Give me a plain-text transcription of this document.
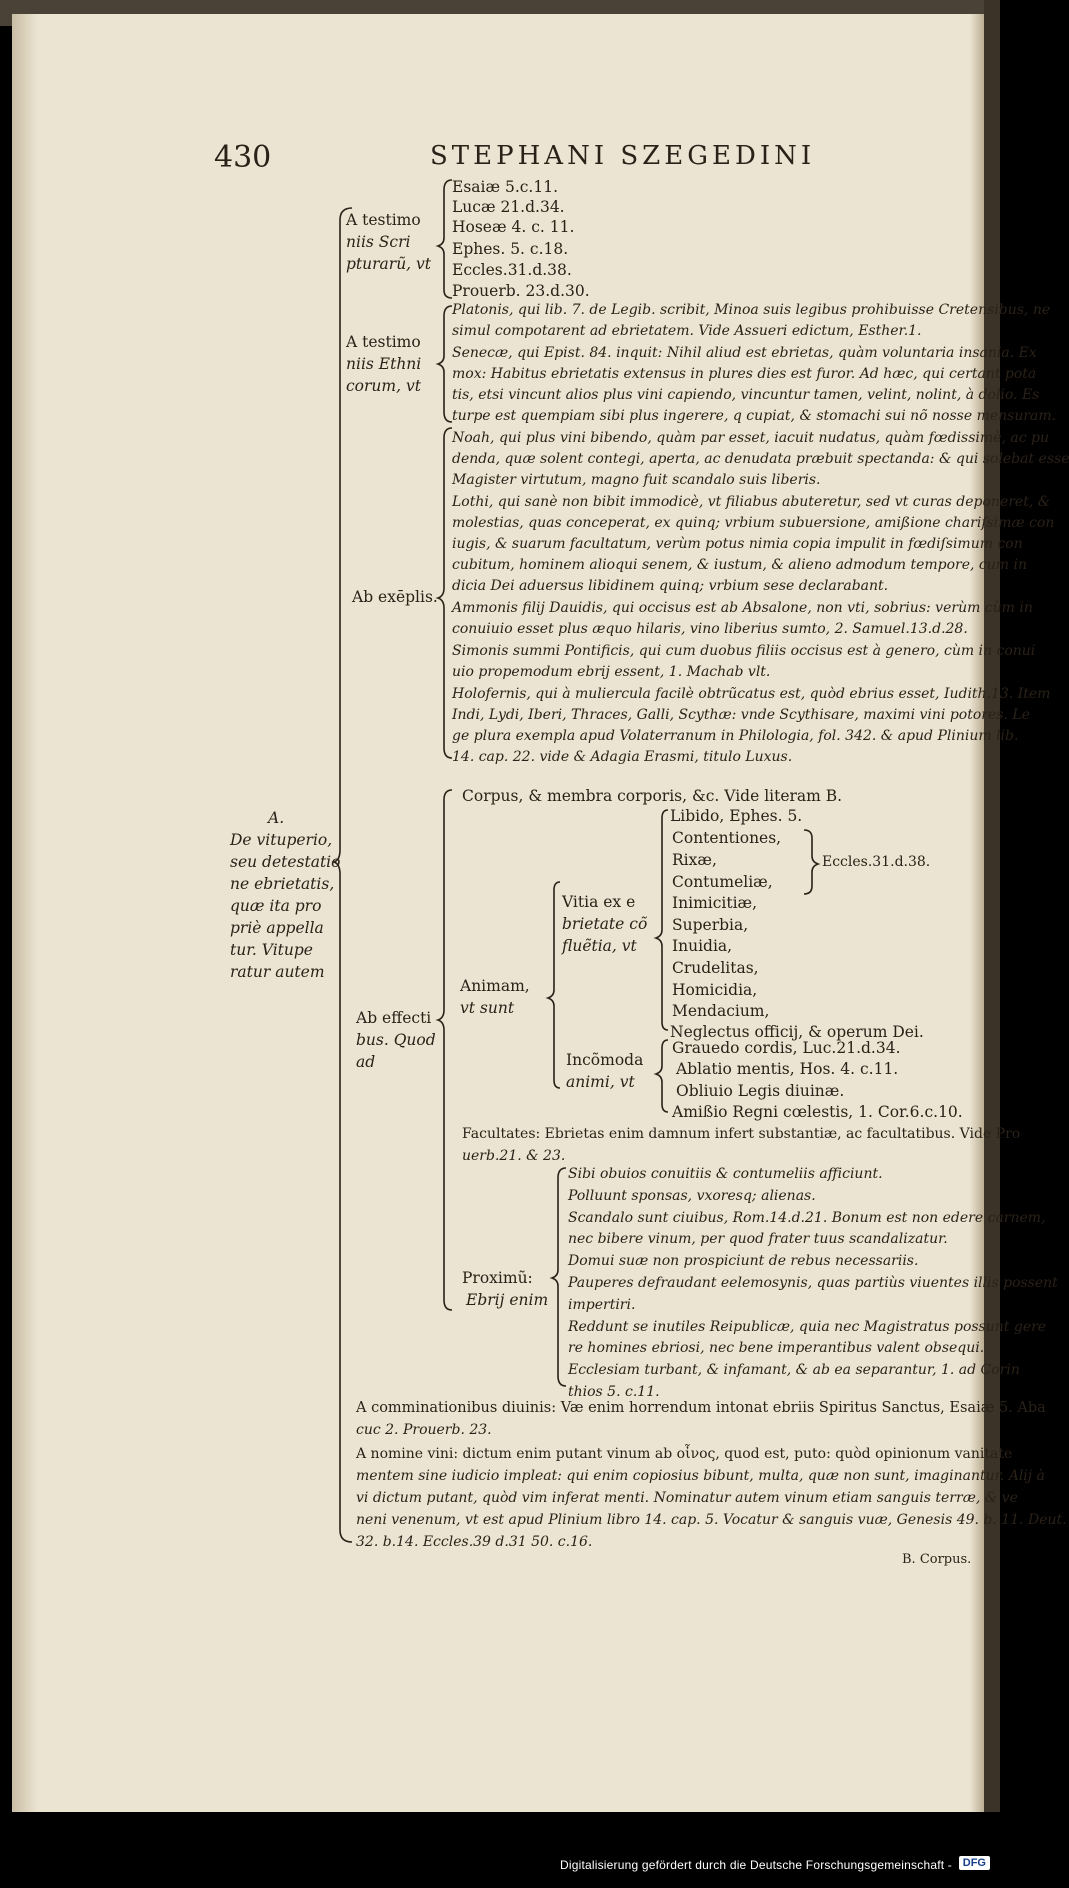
430	STEPHANI SZEGEDINI
A.
De vituperio,
seu detestatio
ne ebrietatis,
quæ ita pro
priè appella
tur. Vitupe
ratur autem
A testimo
niis Scri
pturarũ, vt
Esaiæ 5.c.11.
Lucæ 21.d.34.
Hoseæ 4. c. 11.
Ephes. 5. c.18.
Eccles.31.d.38.
Prouerb. 23.d.30.
A testimo
niis Ethni
corum, vt
Platonis, qui lib. 7. de Legib. scribit, Minoa suis legibus prohibuisse Cretensibus, ne
simul compotarent ad ebrietatem. Vide Assueri edictum, Esther.1.
Senecæ, qui Epist. 84. inquit: Nihil aliud est ebrietas, quàm voluntaria insania. Ex
mox: Habitus ebrietatis extensus in plures dies est furor. Ad hæc, qui certant pota
tis, etsi vincunt alios plus vini capiendo, vincuntur tamen, velint, nolint, à dolio. Es
turpe est quempiam sibi plus ingerere, q cupiat, & stomachi sui nõ nosse mensuram.
Ab exēplis.
Noah, qui plus vini bibendo, quàm par esset, iacuit nudatus, quàm fœdissimè, ac pu
denda, quæ solent contegi, aperta, ac denudata præbuit spectanda: & qui solebat esse
Magister virtutum, magno fuit scandalo suis liberis.
Lothi, qui sanè non bibit immodicè, vt filiabus abuteretur, sed vt curas deponeret, &
molestias, quas conceperat, ex quinq; vrbium subuersione, amißione chariſsimæ con
iugis, & suarum facultatum, verùm potus nimia copia impulit in fœdiſsimum con
cubitum, hominem alioqui senem, & iustum, & alieno admodum tempore, cum in
dicia Dei aduersus libidinem quinq; vrbium sese declarabant.
Ammonis filij Dauidis, qui occisus est ab Absalone, non vti, sobrius: verùm cùm in
conuiuio esset plus æquo hilaris, vino liberius sumto, 2. Samuel.13.d.28.
Simonis summi Pontificis, qui cum duobus filiis occisus est à genero, cùm in conui
uio propemodum ebrij essent, 1. Machab vlt.
Holofernis, qui à muliercula facilè obtrũcatus est, quòd ebrius esset, Iudith.13. Item
Indi, Lydi, Iberi, Thraces, Galli, Scythæ: vnde Scythisare, maximi vini potores. Le
ge plura exempla apud Volaterranum in Philologia, fol. 342. & apud Plinium lib.
14. cap. 22. vide & Adagia Erasmi, titulo Luxus.
Ab effecti
bus. Quod
ad
Corpus, & membra corporis, &c. Vide literam B.
Animam,
vt sunt
Vitia ex e
brietate cõ
fluẽtia, vt
Libido, Ephes. 5.
Contentiones,
Rixæ,
Contumeliæ,
Inimicitiæ,
Superbia,
Inuidia,
Crudelitas,
Homicidia,
Mendacium,
Neglectus officij, & operum Dei.
Eccles.31.d.38.
Incõmoda
animi, vt
Grauedo cordis, Luc.21.d.34.
Ablatio mentis, Hos. 4. c.11.
Obliuio Legis diuinæ.
Amißio Regni cœlestis, 1. Cor.6.c.10.
Facultates: Ebrietas enim damnum infert substantiæ, ac facultatibus. Vide Pro
uerb.21. & 23.
Proximũ:
Ebrij enim
Sibi obuios conuitiis & contumeliis afficiunt.
Polluunt sponsas, vxoresq; alienas.
Scandalo sunt ciuibus, Rom.14.d.21. Bonum est non edere carnem,
nec bibere vinum, per quod frater tuus scandalizatur.
Domui suæ non prospiciunt de rebus necessariis.
Pauperes defraudant eelemosynis, quas partiùs viuentes illis possent
impertiri.
Reddunt se inutiles Reipublicæ, quia nec Magistratus possunt gere
re homines ebriosi, nec bene imperantibus valent obsequi.
Ecclesiam turbant, & infamant, & ab ea separantur, 1. ad Corin
thios 5. c.11.
A comminationibus diuinis: Væ enim horrendum intonat ebriis Spiritus Sanctus, Esaiæ 5. Aba
cuc 2. Prouerb. 23.
A nomine vini: dictum enim putant vinum ab οἶνος, quod est, puto: quòd opinionum vanitate
mentem sine iudicio impleat: qui enim copiosius bibunt, multa, quæ non sunt, imaginantur. Alij à
vi dictum putant, quòd vim inferat menti. Nominatur autem vinum etiam sanguis terræ, & ve
neni venenum, vt est apud Plinium libro 14. cap. 5. Vocatur & sanguis vuæ, Genesis 49. b. 11. Deut.
32. b.14. Eccles.39 d.31 50. c.16.
B. Corpus.
Digitalisierung gefördert durch die Deutsche Forschungsgemeinschaft - DFG
